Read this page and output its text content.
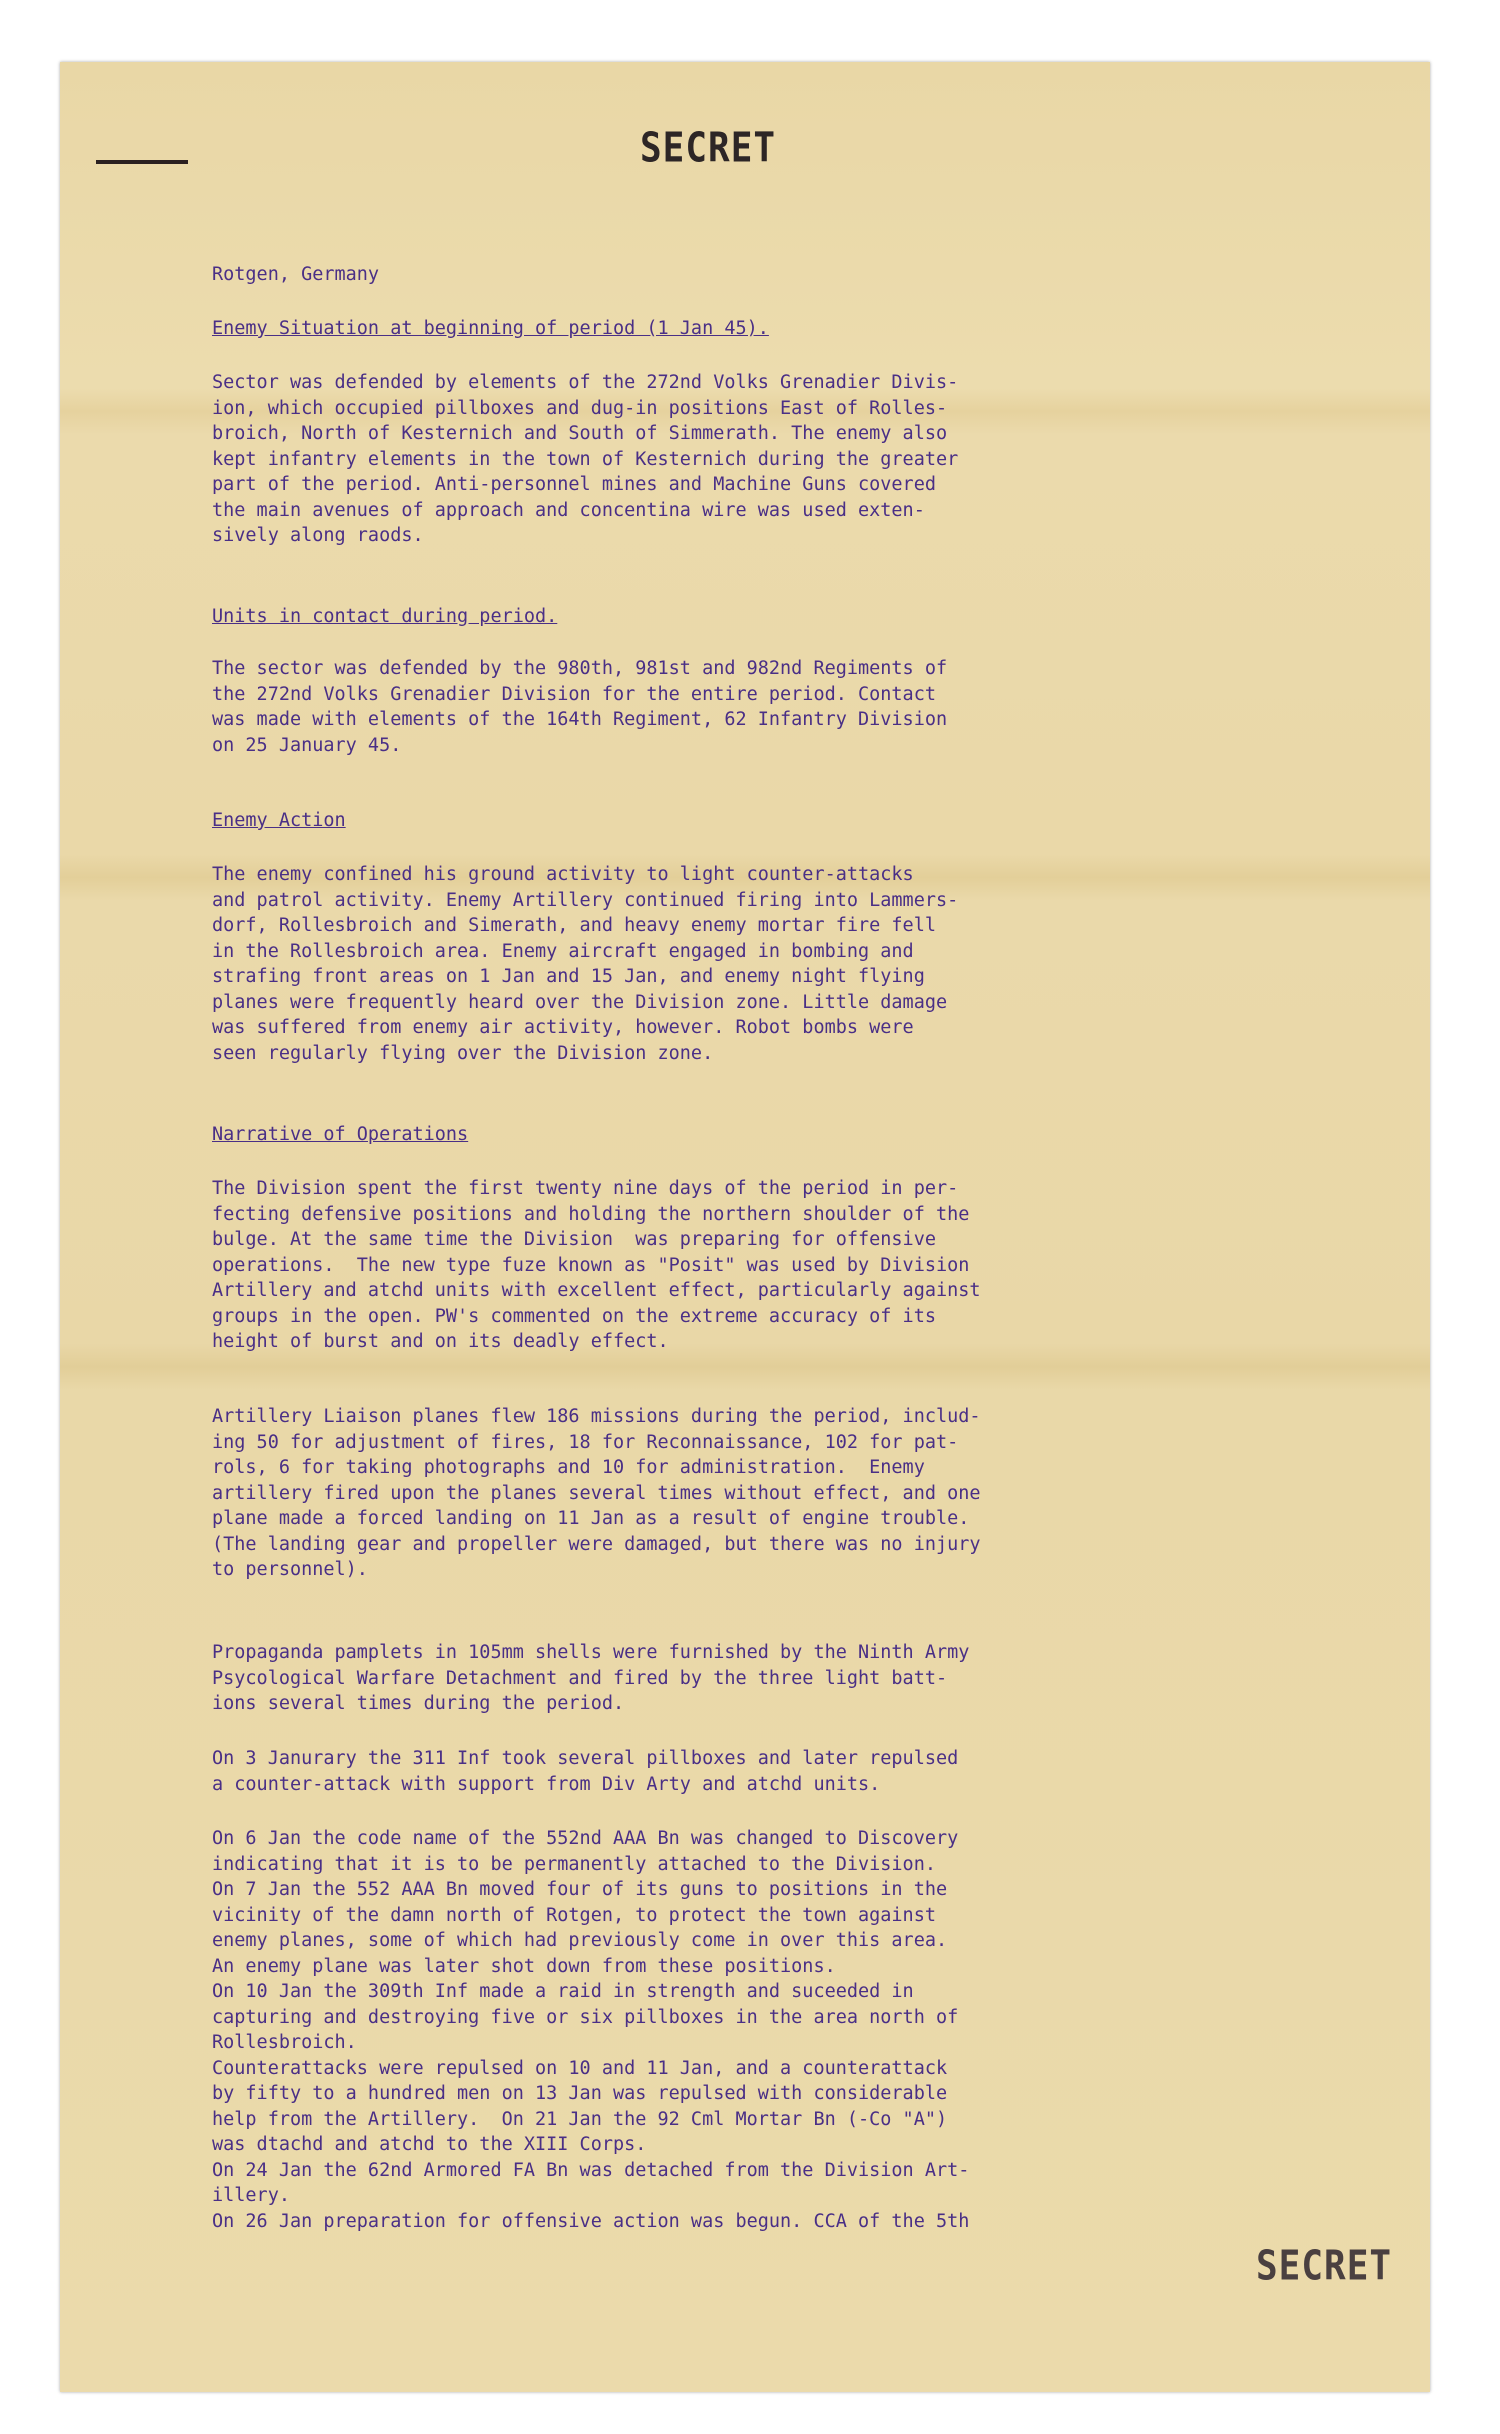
SECRET
Rotgen, Germany
Enemy Situation at beginning of period (1 Jan 45).
Sector was defended by elements of the 272nd Volks Grenadier Divis-
ion, which occupied pillboxes and dug-in positions East of Rolles-
broich, North of Kesternich and South of Simmerath. The enemy also
kept infantry elements in the town of Kesternich during the greater
part of the period. Anti-personnel mines and Machine Guns covered
the main avenues of approach and concentina wire was used exten-
sively along raods.
Units in contact during period.
The sector was defended by the 980th, 981st and 982nd Regiments of
the 272nd Volks Grenadier Division for the entire period. Contact
was made with elements of the 164th Regiment, 62 Infantry Division
on 25 January 45.
Enemy Action
The enemy confined his ground activity to light counter-attacks
and patrol activity. Enemy Artillery continued firing into Lammers-
dorf, Rollesbroich and Simerath, and heavy enemy mortar fire fell
in the Rollesbroich area. Enemy aircraft engaged in bombing and
strafing front areas on 1 Jan and 15 Jan, and enemy night flying
planes were frequently heard over the Division zone. Little damage
was suffered from enemy air activity, however. Robot bombs were
seen regularly flying over the Division zone.
Narrative of Operations
The Division spent the first twenty nine days of the period in per-
fecting defensive positions and holding the northern shoulder of the
bulge. At the same time the Division  was preparing for offensive
operations.  The new type fuze known as "Posit" was used by Division
Artillery and atchd units with excellent effect, particularly against
groups in the open. PW's commented on the extreme accuracy of its
height of burst and on its deadly effect.
Artillery Liaison planes flew 186 missions during the period, includ-
ing 50 for adjustment of fires, 18 for Reconnaissance, 102 for pat-
rols, 6 for taking photographs and 10 for administration.  Enemy
artillery fired upon the planes several times without effect, and one
plane made a forced landing on 11 Jan as a result of engine trouble.
(The landing gear and propeller were damaged, but there was no injury
to personnel).
Propaganda pamplets in 105mm shells were furnished by the Ninth Army
Psycological Warfare Detachment and fired by the three light batt-
ions several times during the period.
On 3 Janurary the 311 Inf took several pillboxes and later repulsed
a counter-attack with support from Div Arty and atchd units.
On 6 Jan the code name of the 552nd AAA Bn was changed to Discovery
indicating that it is to be permanently attached to the Division.
On 7 Jan the 552 AAA Bn moved four of its guns to positions in the
vicinity of the damn north of Rotgen, to protect the town against
enemy planes, some of which had previously come in over this area.
An enemy plane was later shot down from these positions.
On 10 Jan the 309th Inf made a raid in strength and suceeded in
capturing and destroying five or six pillboxes in the area north of
Rollesbroich.
Counterattacks were repulsed on 10 and 11 Jan, and a counterattack
by fifty to a hundred men on 13 Jan was repulsed with considerable
help from the Artillery.  On 21 Jan the 92 Cml Mortar Bn (-Co "A")
was dtachd and atchd to the XIII Corps.
On 24 Jan the 62nd Armored FA Bn was detached from the Division Art-
illery.
On 26 Jan preparation for offensive action was begun. CCA of the 5th
SECRET
